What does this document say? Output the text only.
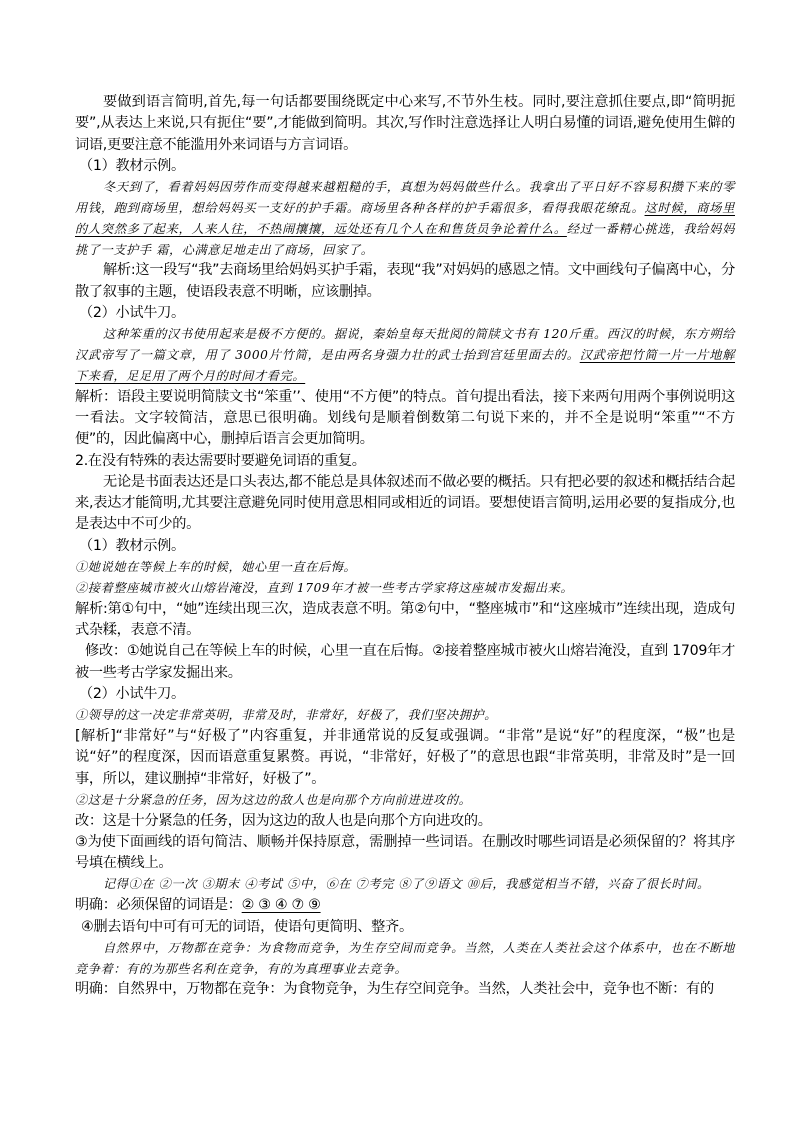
要做到语言简明,首先,每一句话都要围绕既定中心来写,不节外生枝。同时,要注意抓住要点,即“简明扼要”,从表达上来说,只有扼住“要”,才能做到简明。其次,写作时注意选择让人明白易懂的词语,避免使用生僻的词语,更要注意不能滥用外来词语与方言词语。

（1）教材示例。

冬天到了，看着妈妈因劳作而变得越来越粗糙的手，真想为妈妈做些什么。我拿出了平日好不容易积攒下来的零用钱，跑到商场里，想给妈妈买一支好的护手霜。商场里各种各样的护手霜很多，看得我眼花缭乱。这时候，商场里的人突然多了起来，人来人往，不热闹攘攘，远处还有几个人在和售货员争论着什么。经过一番精心挑选，我给妈妈挑了一支护手 霜，心满意足地走出了商场，回家了。

解析:这一段写“我”去商场里给妈妈买护手霜，表现“我”对妈妈的感恩之情。文中画线句子偏离中心，分散了叙事的主题，使语段表意不明晰，应该删掉。

（2）小试牛刀。

这种笨重的汉书使用起来是极不方便的。据说，秦始皇每天批阅的简牍文书有 120斤重。西汉的时候，东方朔给汉武帝写了一篇文章，用了 3000片竹简，是由两名身强力壮的武士抬到宫廷里面去的。汉武帝把竹简一片一片地解下来看，足足用了两个月的时间才看完。

解析：语段主要说明简牍文书“笨重’’、使用“不方便”的特点。首句提出看法，接下来两句用两个事例说明这一看法。文字较简洁，意思已很明确。划线句是顺着倒数第二句说下来的，并不全是说明“笨重”“不方便”的，因此偏离中心，删掉后语言会更加简明。

2.在没有特殊的表达需要时要避免词语的重复。

无论是书面表达还是口头表达,都不能总是具体叙述而不做必要的概括。只有把必要的叙述和概括结合起来,表达才能简明,尤其要注意避免同时使用意思相同或相近的词语。要想使语言简明,运用必要的复指成分,也是表达中不可少的。

（1）教材示例。

①她说她在等候上车的时候，她心里一直在后悔。

②接着整座城市被火山熔岩淹没，直到 1709年才被一些考古学家将这座城市发掘出来。

解析:第①句中，“她”连续出现三次，造成表意不明。第②句中，“整座城市”和“这座城市”连续出现，造成句式杂糅，表意不清。

修改：①她说自己在等候上车的时候，心里一直在后悔。②接着整座城市被火山熔岩淹没，直到 1709年才被一些考古学家发掘出来。

（2）小试牛刀。

①领导的这一决定非常英明，非常及时，非常好，好极了，我们坚决拥护。

[解析]“非常好”与“好极了”内容重复，并非通常说的反复或强调。“非常”是说“好”的程度深，“极”也是说“好”的程度深，因而语意重复累赘。再说，“非常好，好极了”的意思也跟“非常英明，非常及时”是一回事，所以，建议删掉“非常好，好极了”。

②这是十分紧急的任务，因为这边的敌人也是向那个方向前进进攻的。

改：这是十分紧急的任务，因为这边的敌人也是向那个方向进攻的。

③为使下面画线的语句简洁、顺畅并保持原意，需删掉一些词语。在删改时哪些词语是必须保留的？将其序号填在横线上。

记得①在 ②一次 ③期末 ④考试 ⑤中，⑥在 ⑦考完 ⑧了⑨语文 ⑩后，我感觉相当不错，兴奋了很长时间。

明确：必须保留的词语是：② ③ ④ ⑦ ⑨

④删去语句中可有可无的词语，使语句更简明、整齐。

自然界中，万物都在竞争：为食物而竞争，为生存空间而竞争。当然，人类在人类社会这个体系中，也在不断地竞争着：有的为那些名利在竞争，有的为真理事业去竞争。

明确：自然界中，万物都在竞争：为食物竞争，为生存空间竞争。当然，人类社会中，竞争也不断：有的
